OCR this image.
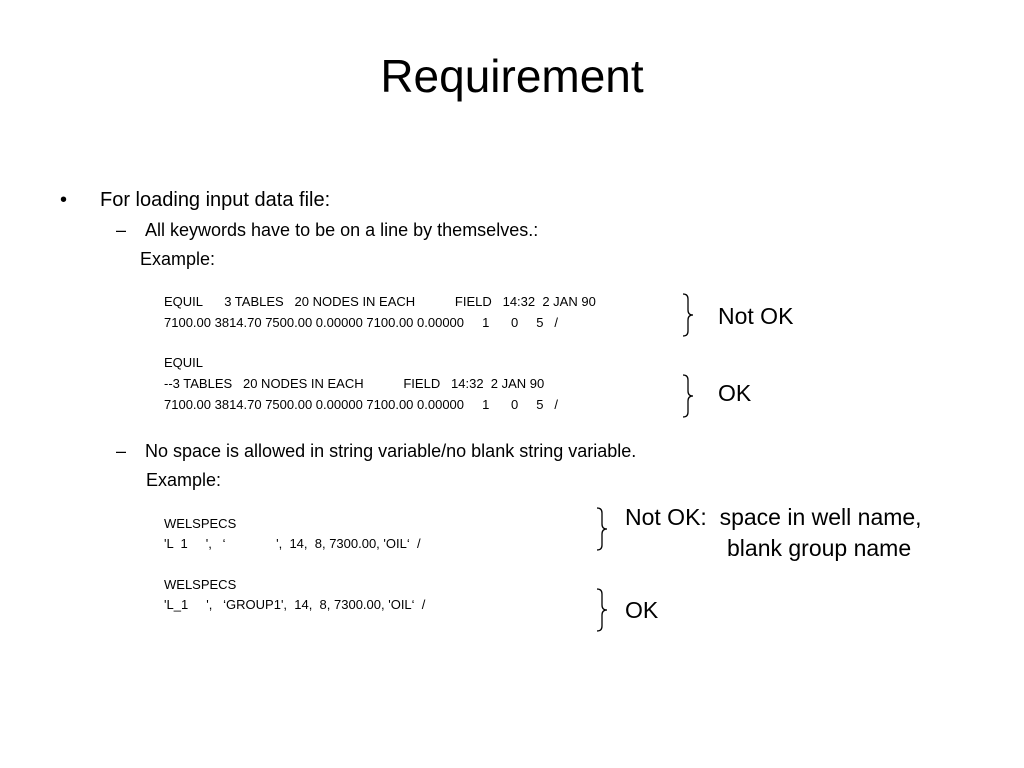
Requirement
• For loading input data file:
– All keywords have to be on a line by themselves.:
Example:
EQUIL      3 TABLES   20 NODES IN EACH           FIELD   14:32  2 JAN 90
7100.00 3814.70 7500.00 0.00000 7100.00 0.00000     1      0     5   /	Not OK
EQUIL
--3 TABLES   20 NODES IN EACH           FIELD   14:32  2 JAN 90
7100.00 3814.70 7500.00 0.00000 7100.00 0.00000     1      0     5   /	OK
– No space is allowed in string variable/no blank string variable.
Example:
WELSPECS
'L  1     ',   ‘              ',  14,  8, 7300.00, 'OIL‘  /
Not OK:  space in well name,
blank group name
WELSPECS
'L_1     ',   ‘GROUP1',  14,  8, 7300.00, 'OIL‘  /	OK
